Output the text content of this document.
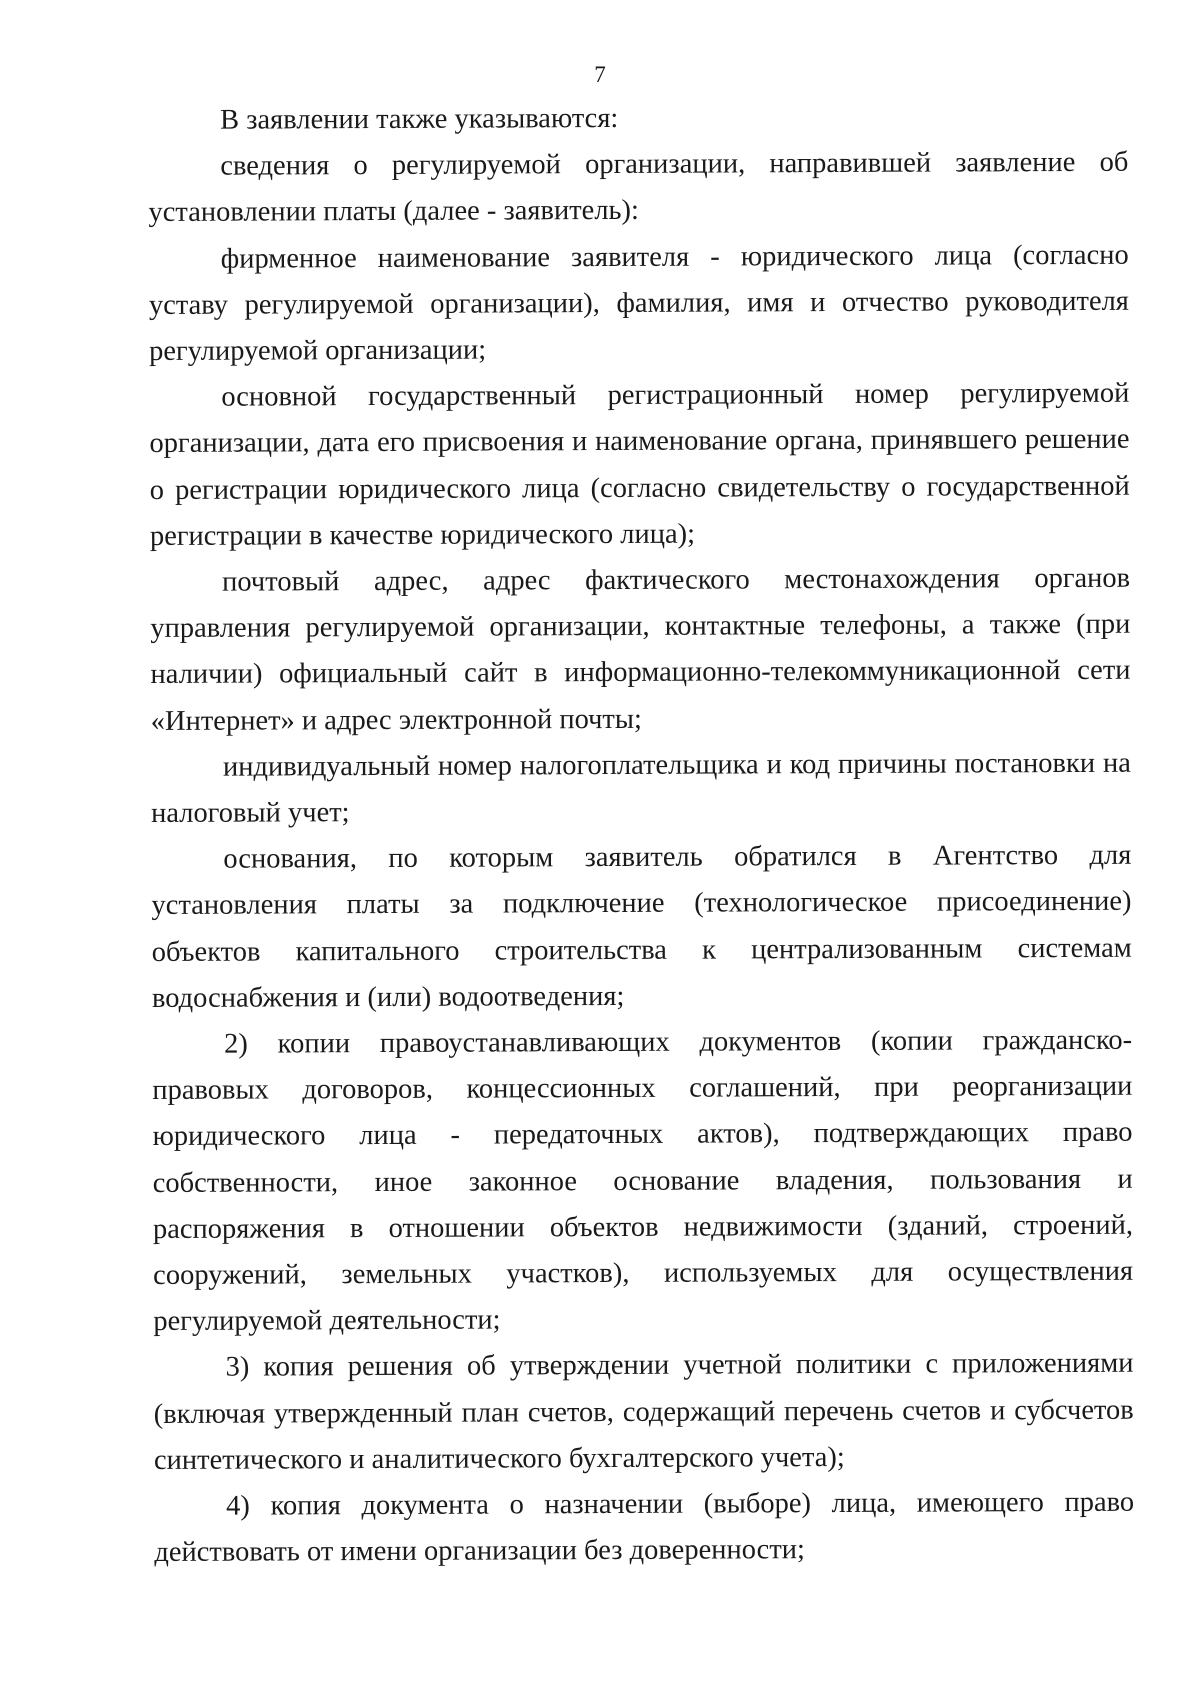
7

В заявлении также указываются:

сведения о регулируемой организации, направившей заявление об установлении платы (далее - заявитель):

фирменное наименование заявителя - юридического лица (согласно уставу регулируемой организации), фамилия, имя и отчество руководителя регулируемой организации;

основной государственный регистрационный номер регулируемой организации, дата его присвоения и наименование органа, принявшего решение о регистрации юридического лица (согласно свидетельству о государственной регистрации в качестве юридического лица);

почтовый адрес, адрес фактического местонахождения органов управления регулируемой организации, контактные телефоны, а также (при наличии) официальный сайт в информационно-телекоммуникационной сети «Интернет» и адрес электронной почты;

индивидуальный номер налогоплательщика и код причины постановки на налоговый учет;

основания, по которым заявитель обратился в Агентство для установления платы за подключение (технологическое присоединение) объектов капитального строительства к централизованным системам водоснабжения и (или) водоотведения;

2) копии правоустанавливающих документов (копии гражданско-правовых договоров, концессионных соглашений, при реорганизации юридического лица - передаточных актов), подтверждающих право собственности, иное законное основание владения, пользования и распоряжения в отношении объектов недвижимости (зданий, строений, сооружений, земельных участков), используемых для осуществления регулируемой деятельности;

3) копия решения об утверждении учетной политики с приложениями (включая утвержденный план счетов, содержащий перечень счетов и субсчетов синтетического и аналитического бухгалтерского учета);

4) копия документа о назначении (выборе) лица, имеющего право действовать от имени организации без доверенности;
